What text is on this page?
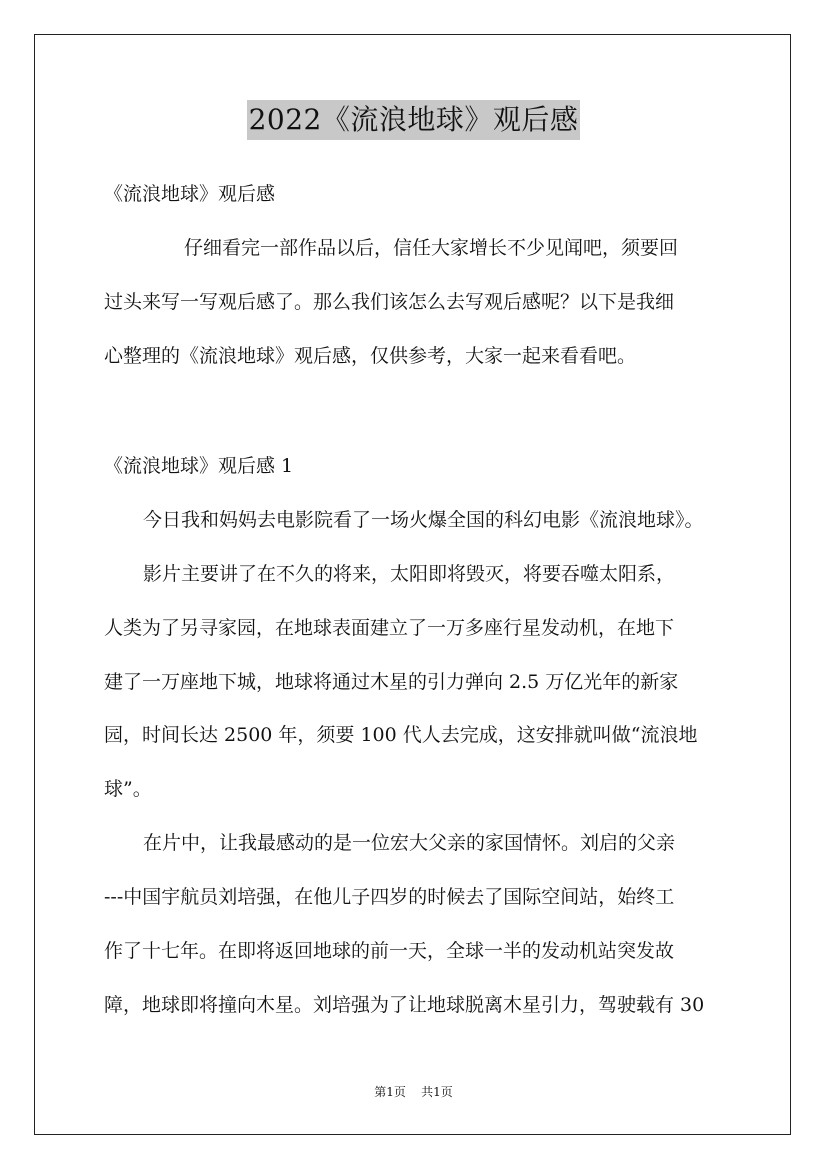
2022《流浪地球》观后感
《流浪地球》观后感
仔细看完一部作品以后，信任大家增长不少见闻吧，须要回
过头来写一写观后感了。那么我们该怎么去写观后感呢？以下是我细
心整理的《流浪地球》观后感，仅供参考，大家一起来看看吧。
《流浪地球》观后感 1
今日我和妈妈去电影院看了一场火爆全国的科幻电影《流浪地球》。
影片主要讲了在不久的将来，太阳即将毁灭，将要吞噬太阳系，
人类为了另寻家园，在地球表面建立了一万多座行星发动机，在地下
建了一万座地下城，地球将通过木星的引力弹向 2.5 万亿光年的新家
园，时间长达 2500 年，须要 100 代人去完成，这安排就叫做“流浪地
球”。
在片中，让我最感动的是一位宏大父亲的家国情怀。刘启的父亲
---中国宇航员刘培强，在他儿子四岁的时候去了国际空间站，始终工
作了十七年。在即将返回地球的前一天，全球一半的发动机站突发故
障，地球即将撞向木星。刘培强为了让地球脱离木星引力，驾驶载有 30
第1页 共1页
